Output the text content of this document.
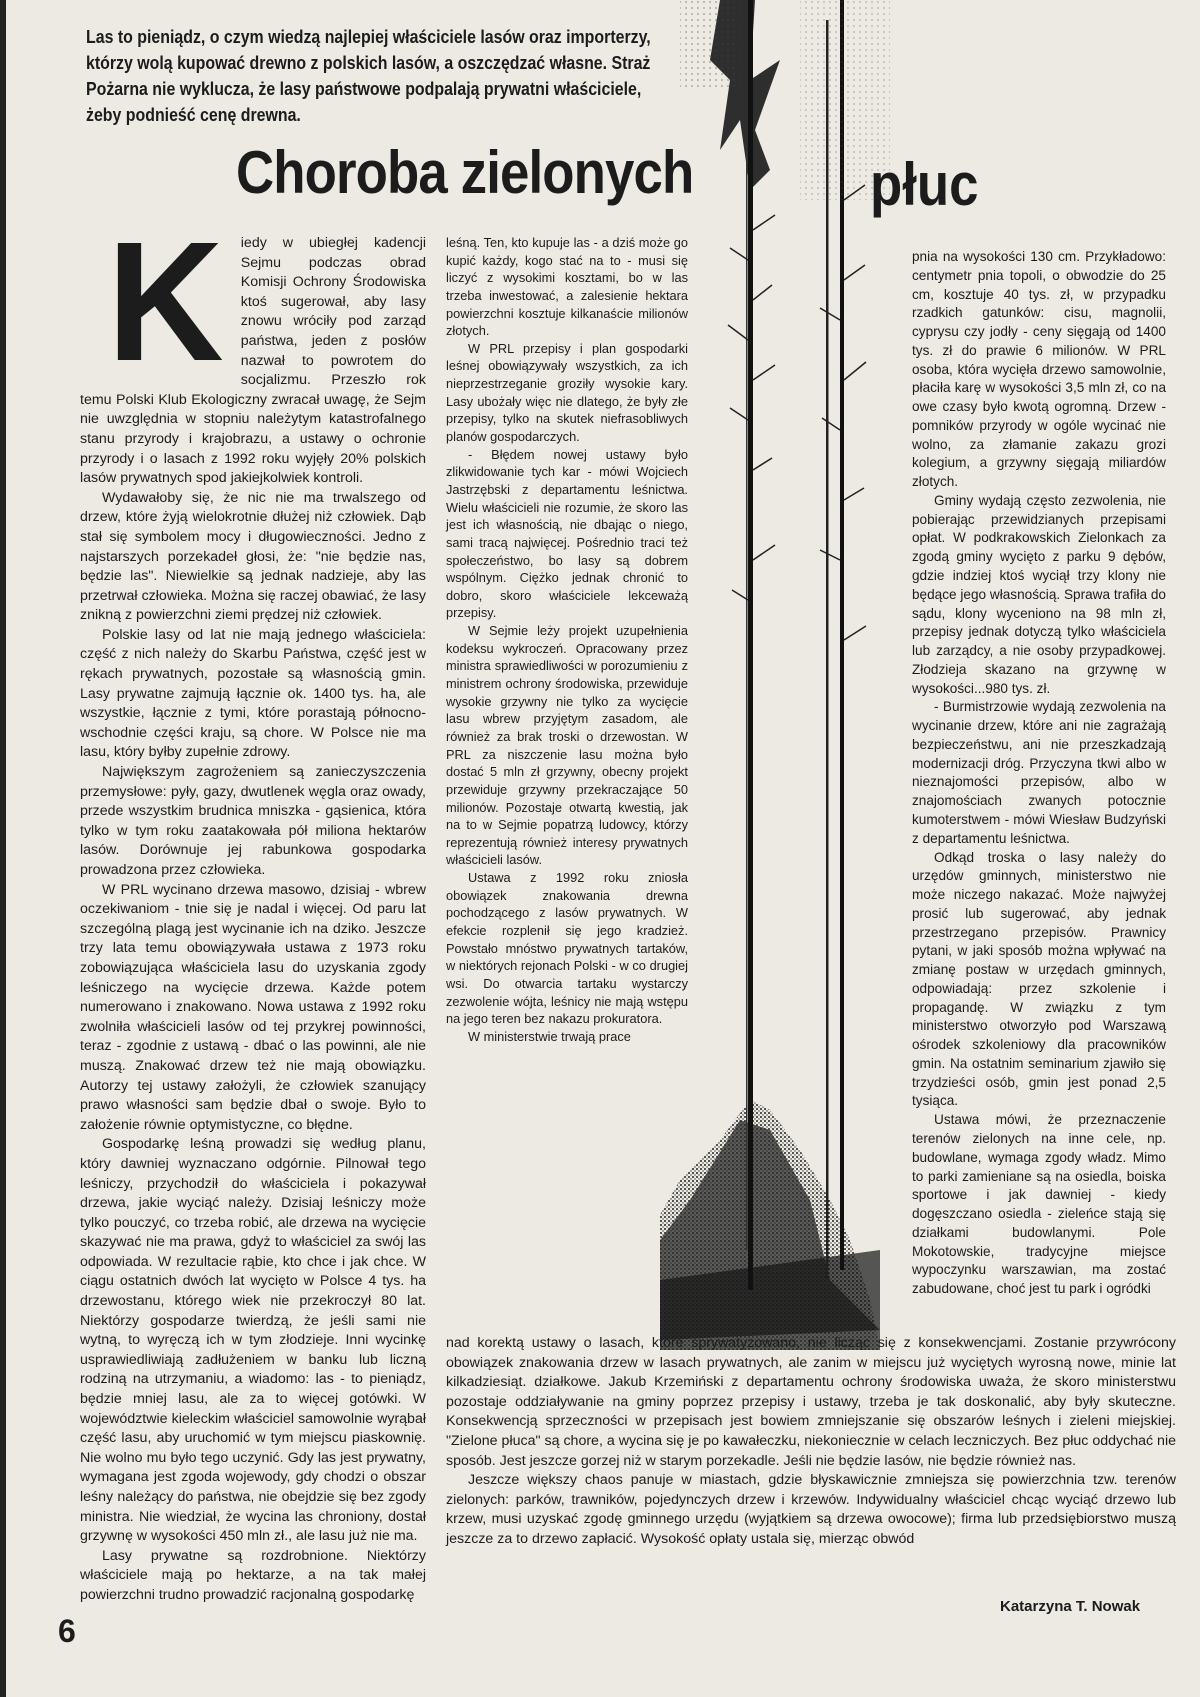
Las to pieniądz, o czym wiedzą najlepiej właściciele lasów oraz importerzy, którzy wolą kupować drewno z polskich lasów, a oszczędzać własne. Straż Pożarna nie wyklucza, że lasy państwowe podpalają prywatni właściciele, żeby podnieść cenę drewna.
Choroba zielonych	płuc
K	iedy w ubiegłej kadencji Sejmu podczas obrad Komisji Ochrony Środowiska ktoś sugerował, aby lasy znowu wróciły pod zarząd państwa, jeden z posłów nazwał to powrotem do socjalizmu. Przeszło rok temu Polski Klub Ekologiczny zwracał uwagę, że Sejm nie uwzględnia w stopniu należytym katastrofalnego stanu przyrody i krajobrazu, a ustawy o ochronie przyrody i o lasach z 1992 roku wyjęły 20% polskich lasów prywatnych spod jakiejkolwiek kontroli.

Wydawałoby się, że nic nie ma trwalszego od drzew, które żyją wielokrotnie dłużej niż człowiek. Dąb stał się symbolem mocy i długowieczności. Jedno z najstarszych porzekadeł głosi, że: "nie będzie nas, będzie las". Niewielkie są jednak nadzieje, aby las przetrwał człowieka. Można się raczej obawiać, że lasy znikną z powierzchni ziemi prędzej niż człowiek.

Polskie lasy od lat nie mają jednego właściciela: część z nich należy do Skarbu Państwa, część jest w rękach prywatnych, pozostałe są własnością gmin. Lasy prywatne zajmują łącznie ok. 1400 tys. ha, ale wszystkie, łącznie z tymi, które porastają północno-wschodnie części kraju, są chore. W Polsce nie ma lasu, który byłby zupełnie zdrowy.

Największym zagrożeniem są zanieczyszczenia przemysłowe: pyły, gazy, dwutlenek węgla oraz owady, przede wszystkim brudnica mniszka - gąsienica, która tylko w tym roku zaatakowała pół miliona hektarów lasów. Dorównuje jej rabunkowa gospodarka prowadzona przez człowieka.

W PRL wycinano drzewa masowo, dzisiaj - wbrew oczekiwaniom - tnie się je nadal i więcej. Od paru lat szczególną plagą jest wycinanie ich na dziko. Jeszcze trzy lata temu obowiązywała ustawa z 1973 roku zobowiązująca właściciela lasu do uzyskania zgody leśniczego na wycięcie drzewa. Każde potem numerowano i znakowano. Nowa ustawa z 1992 roku zwolniła właścicieli lasów od tej przykrej powinności, teraz - zgodnie z ustawą - dbać o las powinni, ale nie muszą. Znakować drzew też nie mają obowiązku. Autorzy tej ustawy założyli, że człowiek szanujący prawo własności sam będzie dbał o swoje. Było to założenie równie optymistyczne, co błędne.

Gospodarkę leśną prowadzi się według planu, który dawniej wyznaczano odgórnie. Pilnował tego leśniczy, przychodził do właściciela i pokazywał drzewa, jakie wyciąć należy. Dzisiaj leśniczy może tylko pouczyć, co trzeba robić, ale drzewa na wycięcie skazywać nie ma prawa, gdyż to właściciel za swój las odpowiada. W rezultacie rąbie, kto chce i jak chce. W ciągu ostatnich dwóch lat wycięto w Polsce 4 tys. ha drzewostanu, którego wiek nie przekroczył 80 lat. Niektórzy gospodarze twierdzą, że jeśli sami nie wytną, to wyręczą ich w tym złodzieje. Inni wycinkę usprawiedliwiają zadłużeniem w banku lub liczną rodziną na utrzymaniu, a wiadomo: las - to pieniądz, będzie mniej lasu, ale za to więcej gotówki. W województwie kieleckim właściciel samowolnie wyrąbał część lasu, aby uruchomić w tym miejscu piaskownię. Nie wolno mu było tego uczynić. Gdy las jest prywatny, wymagana jest zgoda wojewody, gdy chodzi o obszar leśny należący do państwa, nie obejdzie się bez zgody ministra. Nie wiedział, że wycina las chroniony, dostał grzywnę w wysokości 450 mln zł., ale lasu już nie ma.

Lasy prywatne są rozdrobnione. Niektórzy właściciele mają po hektarze, a na tak małej powierzchni trudno prowadzić racjonalną gospodarkę

leśną. Ten, kto kupuje las - a dziś może go kupić każdy, kogo stać na to - musi się liczyć z wysokimi kosztami, bo w las trzeba inwestować, a zalesienie hektara powierzchni kosztuje kilkanaście milionów złotych.

W PRL przepisy i plan gospodarki leśnej obowiązywały wszystkich, za ich nieprzestrzeganie groziły wysokie kary. Lasy ubożały więc nie dlatego, że były złe przepisy, tylko na skutek niefrasobliwych planów gospodarczych.

- Błędem nowej ustawy było zlikwidowanie tych kar - mówi Wojciech Jastrzębski z departamentu leśnictwa. Wielu właścicieli nie rozumie, że skoro las jest ich własnością, nie dbając o niego, sami tracą najwięcej. Pośrednio traci też społeczeństwo, bo lasy są dobrem wspólnym. Ciężko jednak chronić to dobro, skoro właściciele lekceważą przepisy.

W Sejmie leży projekt uzupełnienia kodeksu wykroczeń. Opracowany przez ministra sprawiedliwości w porozumieniu z ministrem ochrony środowiska, przewiduje wysokie grzywny nie tylko za wycięcie lasu wbrew przyjętym zasadom, ale również za brak troski o drzewostan. W PRL za niszczenie lasu można było dostać 5 mln zł grzywny, obecny projekt przewiduje grzywny przekraczające 50 milionów. Pozostaje otwartą kwestią, jak na to w Sejmie popatrzą ludowcy, którzy reprezentują również interesy prywatnych właścicieli lasów.

Ustawa z 1992 roku zniosła obowiązek znakowania drewna pochodzącego z lasów prywatnych. W efekcie rozplenił się jego kradzież. Powstało mnóstwo prywatnych tartaków, w niektórych rejonach Polski - w co drugiej wsi. Do otwarcia tartaku wystarczy zezwolenie wójta, leśnicy nie mają wstępu na jego teren bez nakazu prokuratora.

W ministerstwie trwają prace

pnia na wysokości 130 cm. Przykładowo: centymetr pnia topoli, o obwodzie do 25 cm, kosztuje 40 tys. zł, w przypadku rzadkich gatunków: cisu, magnolii, cyprysu czy jodły - ceny sięgają od 1400 tys. zł do prawie 6 milionów. W PRL osoba, która wycięła drzewo samowolnie, płaciła karę w wysokości 3,5 mln zł, co na owe czasy było kwotą ogromną. Drzew - pomników przyrody w ogóle wycinać nie wolno, za złamanie zakazu grozi kolegium, a grzywny sięgają miliardów złotych.

Gminy wydają często zezwolenia, nie pobierając przewidzianych przepisami opłat. W podkrakowskich Zielonkach za zgodą gminy wycięto z parku 9 dębów, gdzie indziej ktoś wyciął trzy klony nie będące jego własnością. Sprawa trafiła do sądu, klony wyceniono na 98 mln zł, przepisy jednak dotyczą tylko właściciela lub zarządcy, a nie osoby przypadkowej. Złodzieja skazano na grzywnę w wysokości...980 tys. zł.

- Burmistrzowie wydają zezwolenia na wycinanie drzew, które ani nie zagrażają bezpieczeństwu, ani nie przeszkadzają modernizacji dróg. Przyczyna tkwi albo w nieznajomości przepisów, albo w znajomościach zwanych potocznie kumoterstwem - mówi Wiesław Budzyński z departamentu leśnictwa.

Odkąd troska o lasy należy do urzędów gminnych, ministerstwo nie może niczego nakazać. Może najwyżej prosić lub sugerować, aby jednak przestrzegano przepisów. Prawnicy pytani, w jaki sposób można wpływać na zmianę postaw w urzędach gminnych, odpowiadają: przez szkolenie i propagandę. W związku z tym ministerstwo otworzyło pod Warszawą ośrodek szkoleniowy dla pracowników gmin. Na ostatnim seminarium zjawiło się trzydzieści osób, gmin jest ponad 2,5 tysiąca.

Ustawa mówi, że przeznaczenie terenów zielonych na inne cele, np. budowlane, wymaga zgody władz. Mimo to parki zamieniane są na osiedla, boiska sportowe i jak dawniej - kiedy dogęszczano osiedla - zieleńce stają się działkami budowlanymi. Pole Mokotowskie, tradycyjne miejsce wypoczynku warszawian, ma zostać zabudowane, choć jest tu park i ogródki

nad korektą ustawy o lasach, które sprywatyzowano, nie licząc się z konsekwencjami. Zostanie przywrócony obowiązek znakowania drzew w lasach prywatnych, ale zanim w miejscu już wyciętych wyrosną nowe, minie lat kilkadziesiąt. działkowe. Jakub Krzemiński z departamentu ochrony środowiska uważa, że skoro ministerstwu pozostaje oddziaływanie na gminy poprzez przepisy i ustawy, trzeba je tak doskonalić, aby były skuteczne. Konsekwencją sprzeczności w przepisach jest bowiem zmniejszanie się obszarów leśnych i zieleni miejskiej. "Zielone płuca" są chore, a wycina się je po kawałeczku, niekoniecznie w celach leczniczych. Bez płuc oddychać nie sposób. Jest jeszcze gorzej niż w starym porzekadle. Jeśli nie będzie lasów, nie będzie również nas.

Jeszcze większy chaos panuje w miastach, gdzie błyskawicznie zmniejsza się powierzchnia tzw. terenów zielonych: parków, trawników, pojedynczych drzew i krzewów. Indywidualny właściciel chcąc wyciąć drzewo lub krzew, musi uzyskać zgodę gminnego urzędu (wyjątkiem są drzewa owocowe); firma lub przedsiębiorstwo muszą jeszcze za to drzewo zapłacić. Wysokość opłaty ustala się, mierząc obwód

Katarzyna T. Nowak
6
